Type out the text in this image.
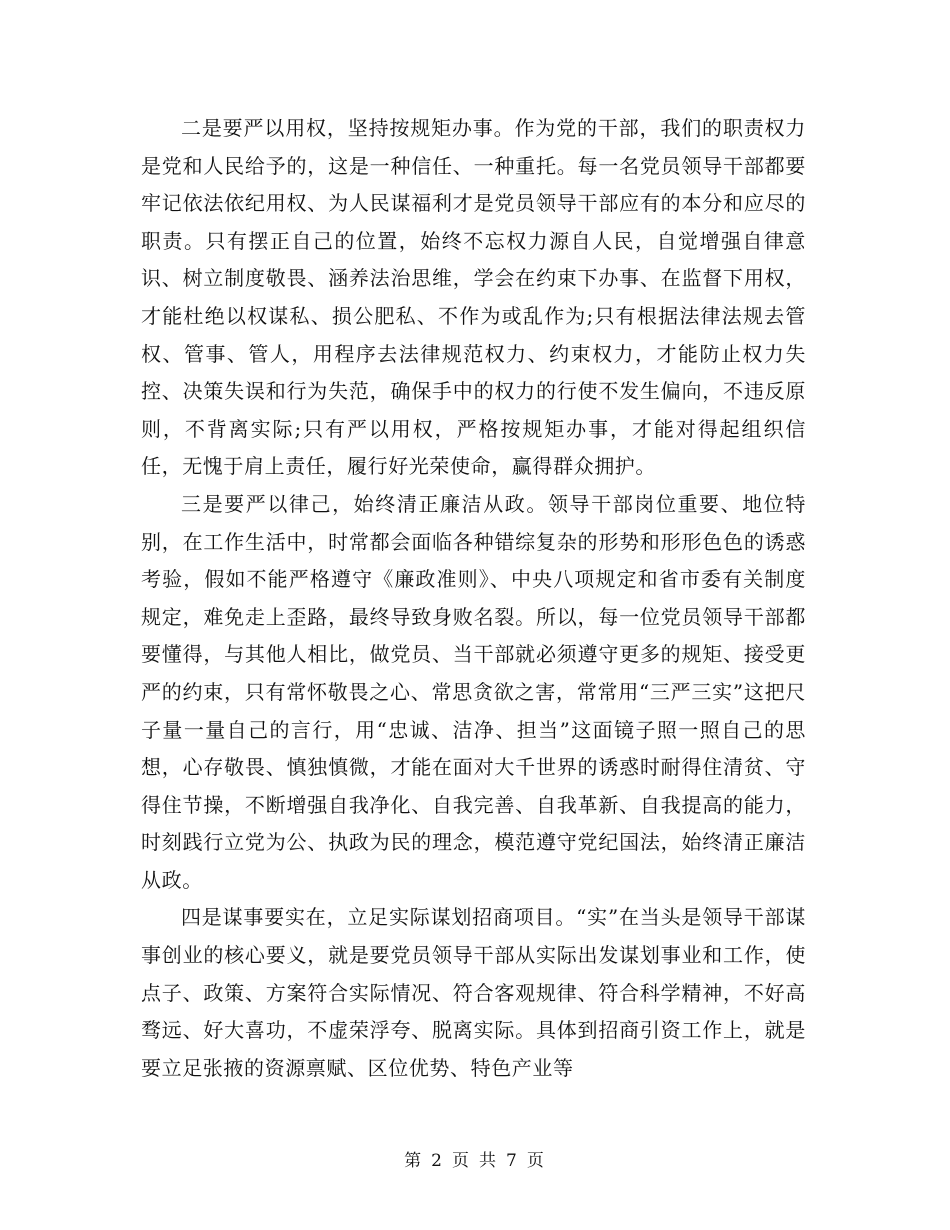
二是要严以用权，坚持按规矩办事。作为党的干部，我们的职责权力是党和人民给予的，这是一种信任、一种重托。每一名党员领导干部都要牢记依法依纪用权、为人民谋福利才是党员领导干部应有的本分和应尽的职责。只有摆正自己的位置，始终不忘权力源自人民，自觉增强自律意识、树立制度敬畏、涵养法治思维，学会在约束下办事、在监督下用权，才能杜绝以权谋私、损公肥私、不作为或乱作为;只有根据法律法规去管权、管事、管人，用程序去法律规范权力、约束权力，才能防止权力失控、决策失误和行为失范，确保手中的权力的行使不发生偏向，不违反原则，不背离实际;只有严以用权，严格按规矩办事，才能对得起组织信任，无愧于肩上责任，履行好光荣使命，赢得群众拥护。

三是要严以律己，始终清正廉洁从政。领导干部岗位重要、地位特别，在工作生活中，时常都会面临各种错综复杂的形势和形形色色的诱惑考验，假如不能严格遵守《廉政准则》、中央八项规定和省市委有关制度规定，难免走上歪路，最终导致身败名裂。所以，每一位党员领导干部都要懂得，与其他人相比，做党员、当干部就必须遵守更多的规矩、接受更严的约束，只有常怀敬畏之心、常思贪欲之害，常常用“三严三实”这把尺子量一量自己的言行，用“忠诚、洁净、担当”这面镜子照一照自己的思想，心存敬畏、慎独慎微，才能在面对大千世界的诱惑时耐得住清贫、守得住节操，不断增强自我净化、自我完善、自我革新、自我提高的能力，时刻践行立党为公、执政为民的理念，模范遵守党纪国法，始终清正廉洁从政。

四是谋事要实在，立足实际谋划招商项目。“实”在当头是领导干部谋事创业的核心要义，就是要党员领导干部从实际出发谋划事业和工作，使点子、政策、方案符合实际情况、符合客观规律、符合科学精神，不好高骛远、好大喜功，不虚荣浮夸、脱离实际。具体到招商引资工作上，就是要立足张掖的资源禀赋、区位优势、特色产业等

第 2 页 共 7 页
